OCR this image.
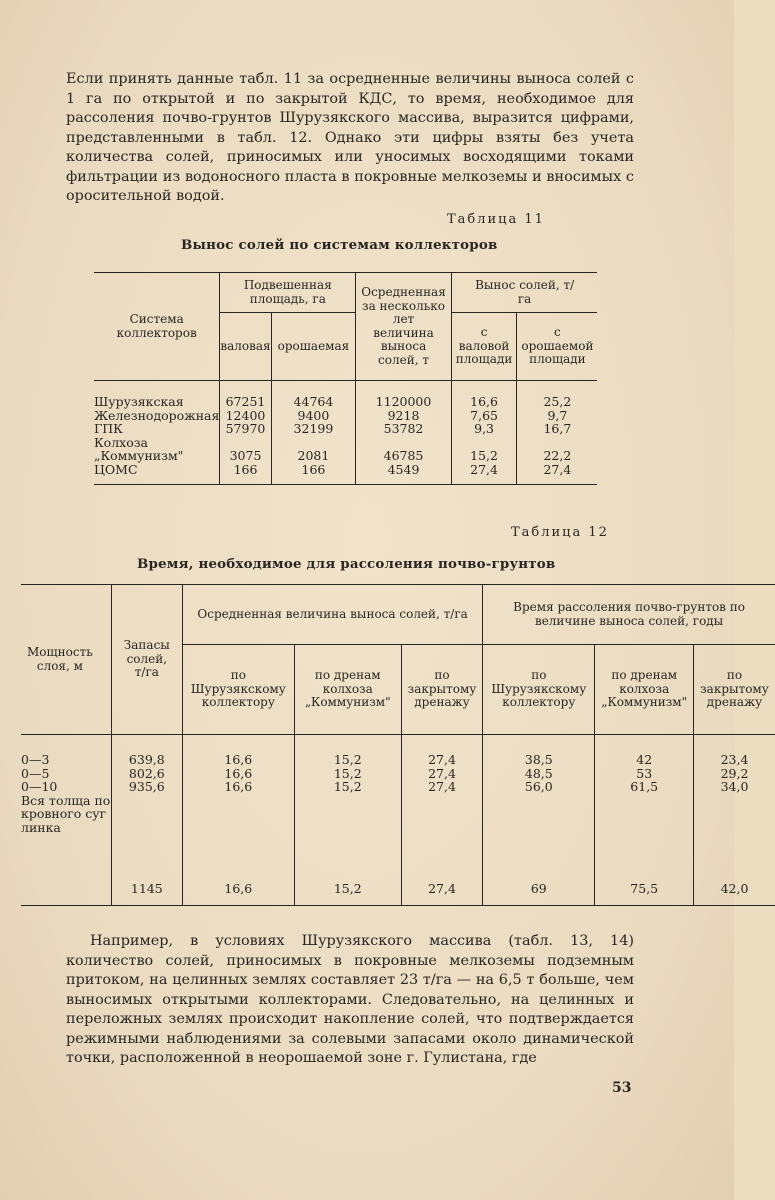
Если принять данные табл. 11 за осредненные величины выноса солей с 1 га по открытой и по закрытой КДС, то время, необходимое для рассоления почво-грунтов Шурузякского массива, выразится цифрами, представленными в табл. 12. Однако эти цифры взяты без учета количества солей, приносимых или уносимых восходящими токами фильтрации из водоносного пласта в покровные мелкоземы и вносимых с оросительной водой.

Таблица 11
Вынос солей по системам коллекторов
Система коллекторов	Подвешенная площадь, га		Осредненная за несколько лет величина выноса солей, т	Вынос солей, т/га	
	валовая	орошаемая		с валовой площади	с орошаемой площади
Шурузякская	67251	44764	1120000	16,6	25,2
Железнодорожная	12400	9400	9218	7,65	9,7
ГПК	57970	32199	53782	9,3	16,7
Колхоза „Коммунизм"	3075	2081	46785	15,2	22,2
ЦОМС	166	166	4549	27,4	27,4
Таблица 12
Время, необходимое для рассоления почво-грунтов
Мощность слоя, м	Запасы солей, т/га	Осредненная величина выноса солей, т/га			Время рассоления почво-грунтов по величине выноса солей, годы		
		по Шурузякскому коллектору	по дренам колхоза „Коммунизм"	по закрытому дренажу	по Шурузякскому коллектору	по дренам колхоза „Коммунизм"	по закрытому дренажу
0—3	639,8	16,6	15,2	27,4	38,5	42	23,4
0—5	802,6	16,6	15,2	27,4	48,5	53	29,2
0—10	935,6	16,6	15,2	27,4	56,0	61,5	34,0
Вся толща покровного суглинка	1145	16,6	15,2	27,4	69	75,5	42,0

Например, в условиях Шурузякского массива (табл. 13, 14) количество солей, приносимых в покровные мелкоземы подземным притоком, на целинных землях составляет 23 т/га — на 6,5 т больше, чем выносимых открытыми коллекторами. Следовательно, на целинных и переложных землях происходит накопление солей, что подтверждается режимными наблюдениями за солевыми запасами около динамической точки, расположенной в неорошаемой зоне г. Гулистана, где

53
